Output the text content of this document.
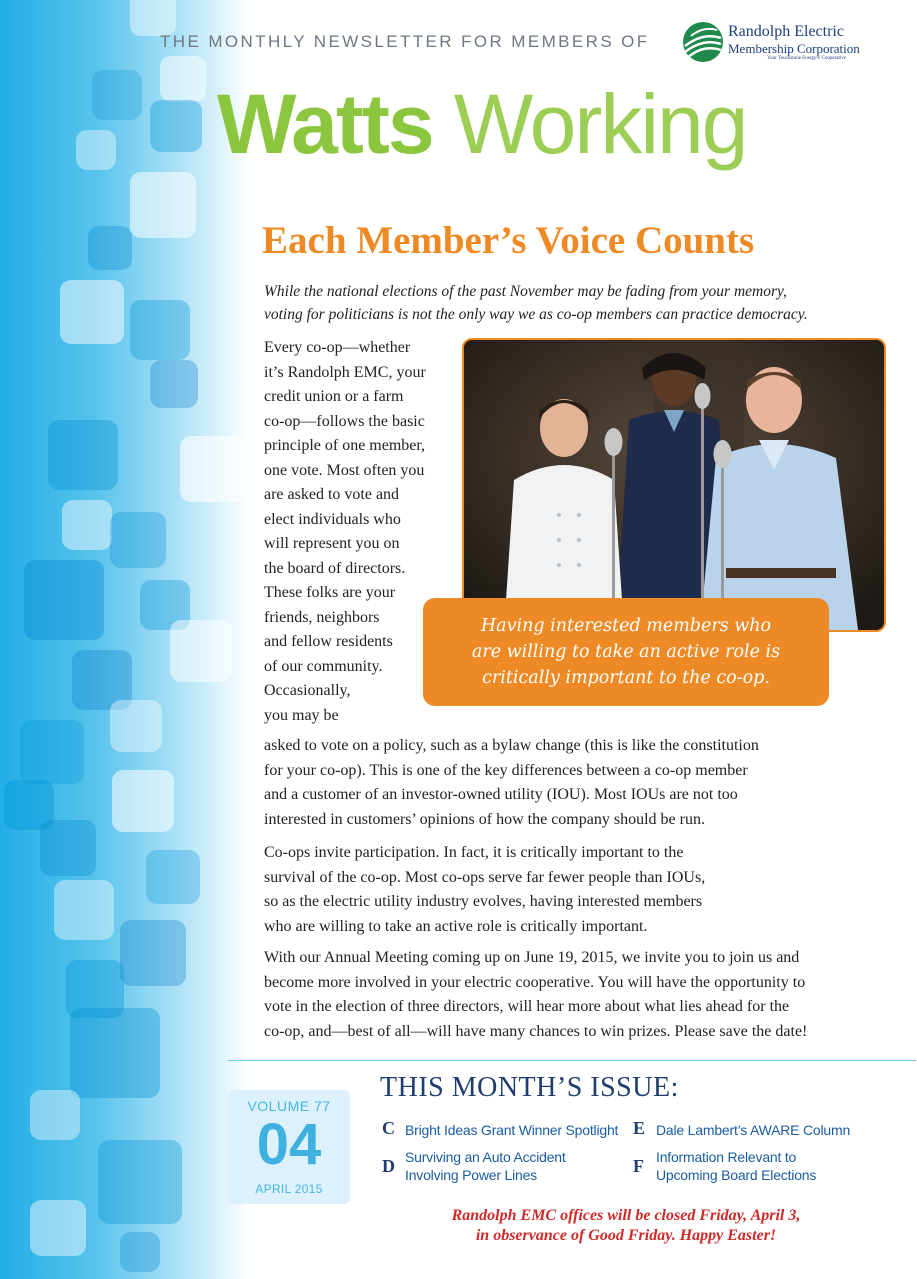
THE MONTHLY NEWSLETTER FOR MEMBERS OF
Randolph Electric
Membership Corporation
Your Touchstone Energy® Cooperative
Watts Working
Each Member’s Voice Counts

While the national elections of the past November may be fading from your memory,

voting for politicians is not the only way we as co-op members can practice democracy.

Every co-op—whether

it’s Randolph EMC, your

credit union or a farm

co-op—follows the basic

principle of one member,

one vote. Most often you

are asked to vote and

elect individuals who

will represent you on

the board of directors.

These folks are your

friends, neighbors

and fellow residents

of our community.

Occasionally,

you may be

Having interested members who

are willing to take an active role is

critically important to the co-op.

asked to vote on a policy, such as a bylaw change (this is like the constitution

for your co-op). This is one of the key differences between a co-op member

and a customer of an investor-owned utility (IOU). Most IOUs are not too

interested in customers’ opinions of how the company should be run.

Co-ops invite participation. In fact, it is critically important to the

survival of the co-op. Most co-ops serve far fewer people than IOUs,

so as the electric utility industry evolves, having interested members

who are willing to take an active role is critically important.

With our Annual Meeting coming up on June 19, 2015, we invite you to join us and

become more involved in your electric cooperative. You will have the opportunity to

vote in the election of three directors, will hear more about what lies ahead for the

co-op, and—best of all—will have many chances to win prizes. Please save the date!

VOLUME 77
04
APRIL 2015
THIS MONTH’S ISSUE:
C Bright Ideas Grant Winner Spotlight
D Surviving an Auto Accident
Involving Power Lines
E Dale Lambert’s AWARE Column
F Information Relevant to
Upcoming Board Elections

Randolph EMC offices will be closed Friday, April 3,

in observance of Good Friday. Happy Easter!
